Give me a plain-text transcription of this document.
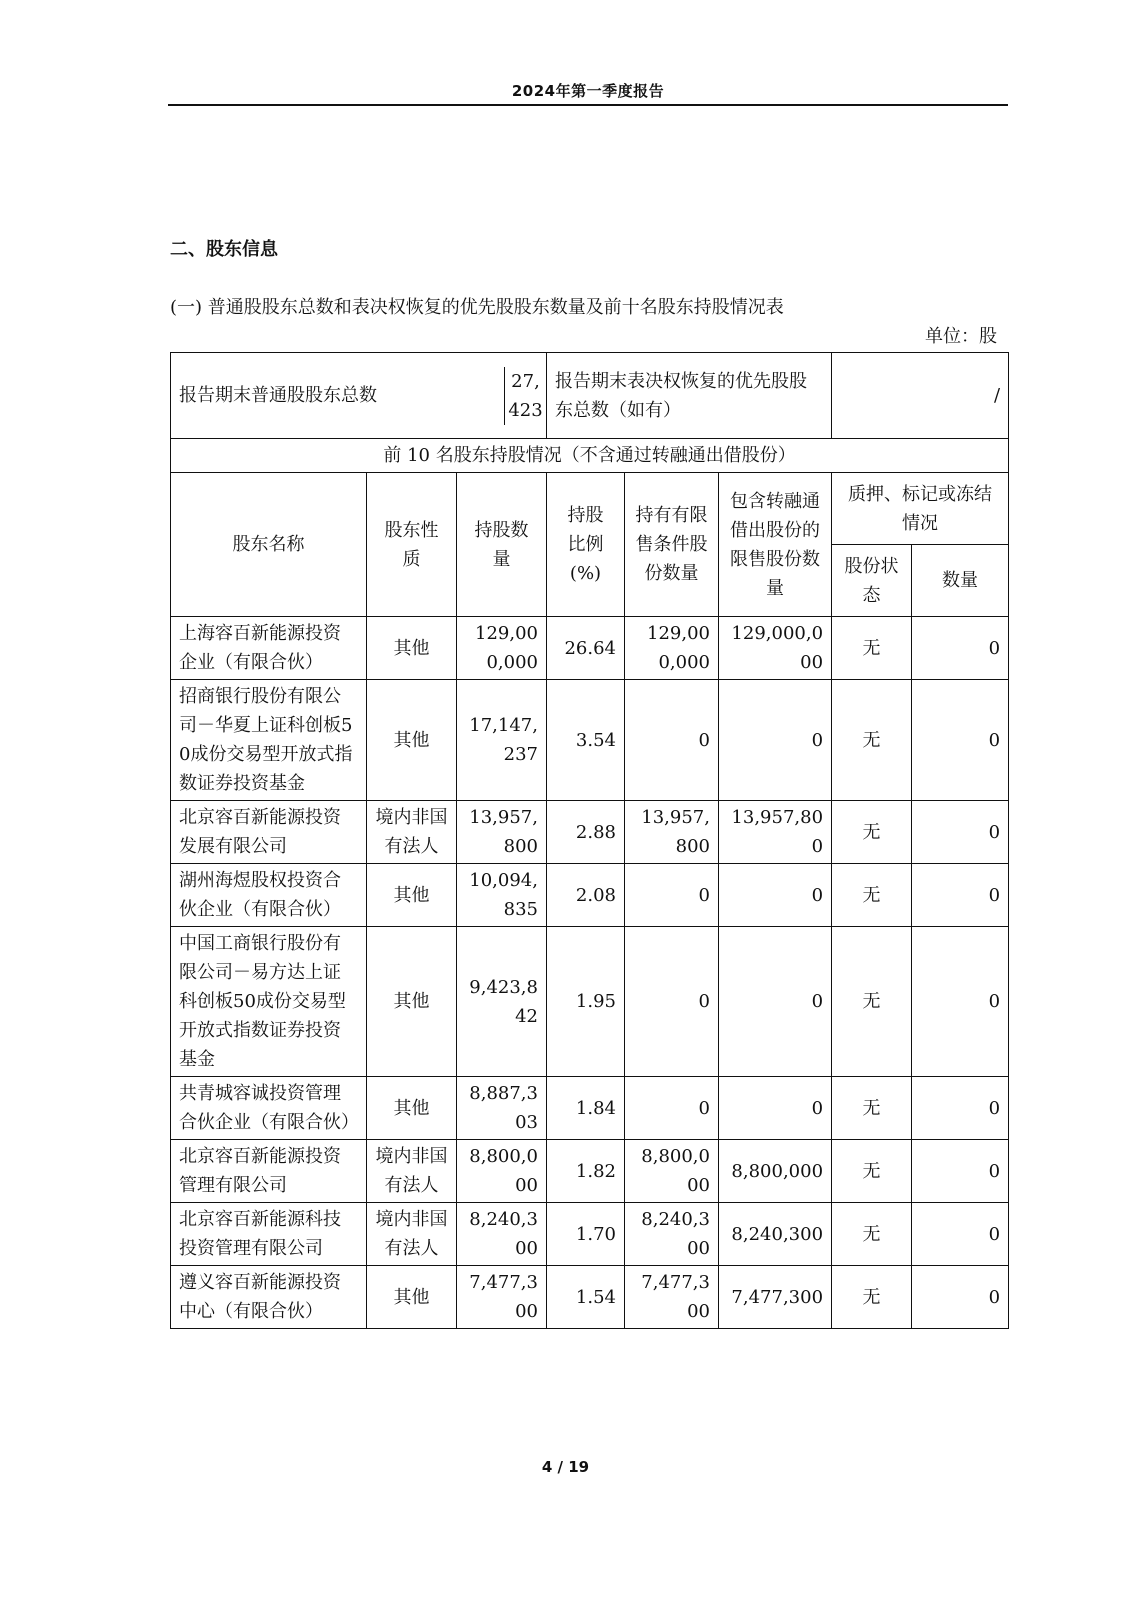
2024年第一季度报告
二、股东信息
(一) 普通股股东总数和表决权恢复的优先股股东数量及前十名股东持股情况表
单位：股
报告期末普通股股东总数
27,423			报告期末表决权恢复的优先股股东总数（如有）			/	
前 10 名股东持股情况（不含通过转融通出借股份）							
股东名称	股东性质	持股数量	持股比例(%)	持有有限售条件股份数量	包含转融通借出股份的限售股份数量	质押、标记或冻结情况	
						股份状态	数量
上海容百新能源投资企业（有限合伙）	其他	129,000,000	26.64	129,000,000	129,000,000	无	0
招商银行股份有限公司－华夏上证科创板50成份交易型开放式指数证券投资基金	其他	17,147,237	3.54	0	0	无	0
北京容百新能源投资发展有限公司	境内非国有法人	13,957,800	2.88	13,957,800	13,957,800	无	0
湖州海煜股权投资合伙企业（有限合伙）	其他	10,094,835	2.08	0	0	无	0
中国工商银行股份有限公司－易方达上证科创板50成份交易型开放式指数证券投资基金	其他	9,423,842	1.95	0	0	无	0
共青城容诚投资管理合伙企业（有限合伙）	其他	8,887,303	1.84	0	0	无	0
北京容百新能源投资管理有限公司	境内非国有法人	8,800,000	1.82	8,800,000	8,800,000	无	0
北京容百新能源科技投资管理有限公司	境内非国有法人	8,240,300	1.70	8,240,300	8,240,300	无	0
遵义容百新能源投资中心（有限合伙）	其他	7,477,300	1.54	7,477,300	7,477,300	无	0
4 / 19
